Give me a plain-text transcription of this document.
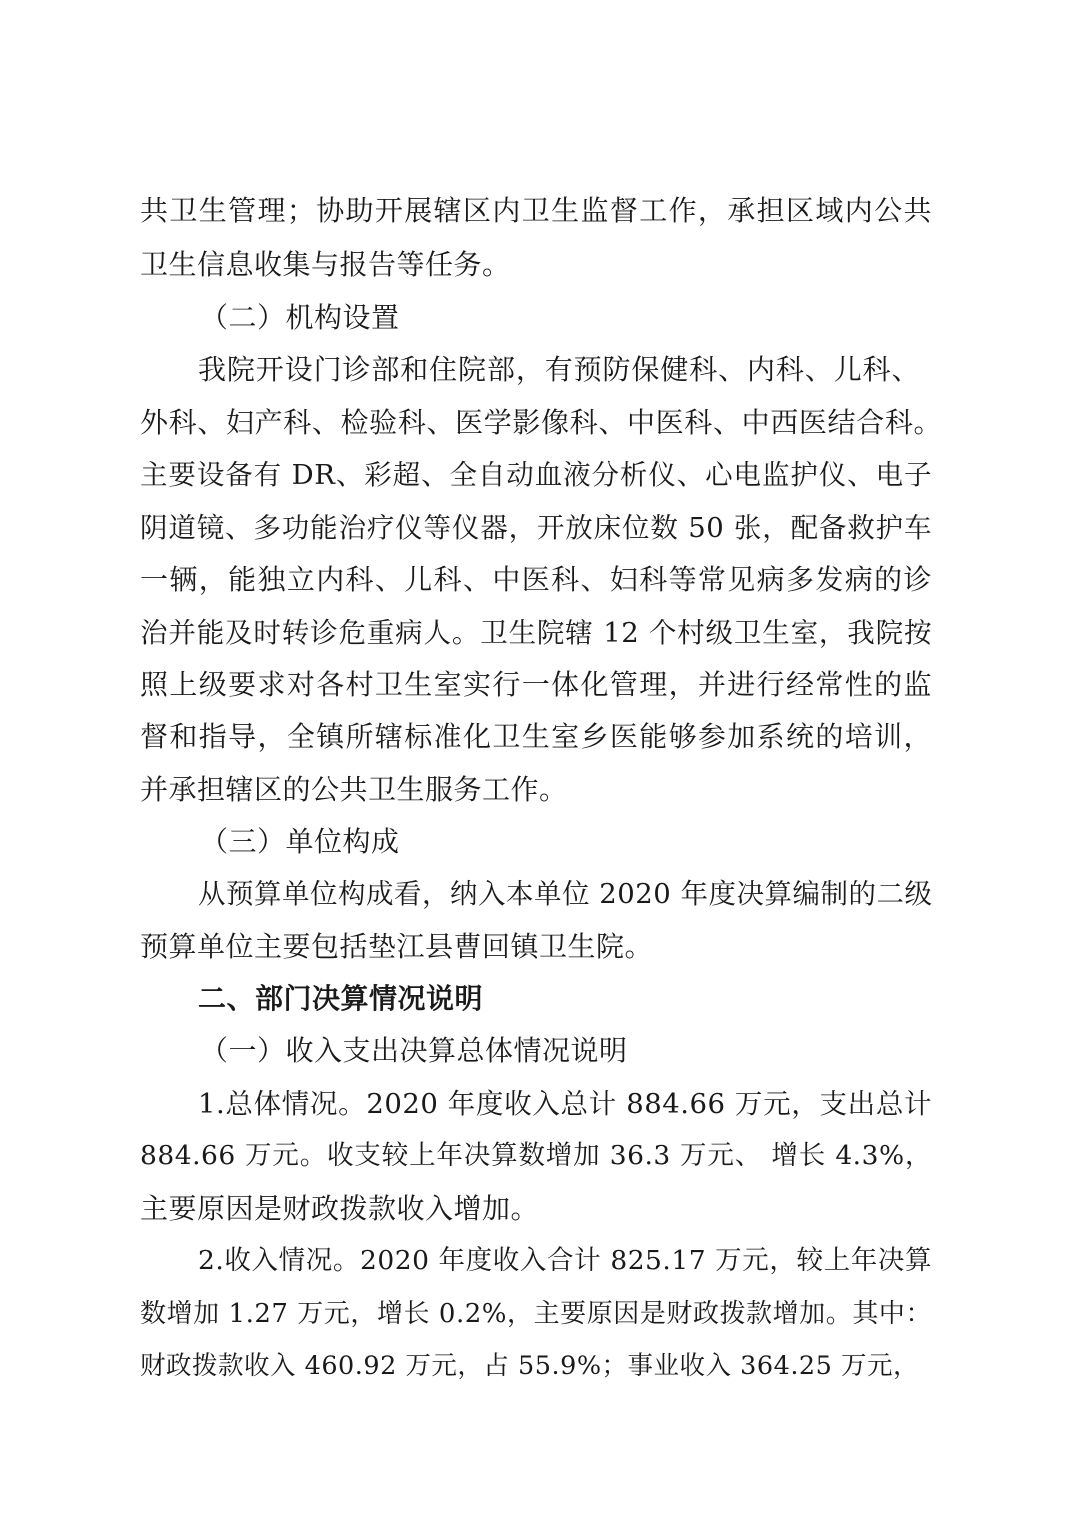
共卫生管理；协助开展辖区内卫生监督工作，承担区域内公共
卫生信息收集与报告等任务。
（二）机构设置
我院开设门诊部和住院部，有预防保健科、内科、儿科、
外科、妇产科、检验科、医学影像科、中医科、中西医结合科。
主要设备有 DR、彩超、全自动血液分析仪、心电监护仪、电子
阴道镜、多功能治疗仪等仪器，开放床位数 50 张，配备救护车
一辆，能独立内科、儿科、中医科、妇科等常见病多发病的诊
治并能及时转诊危重病人。卫生院辖 12 个村级卫生室，我院按
照上级要求对各村卫生室实行一体化管理，并进行经常性的监
督和指导，全镇所辖标准化卫生室乡医能够参加系统的培训，
并承担辖区的公共卫生服务工作。
（三）单位构成
从预算单位构成看，纳入本单位 2020 年度决算编制的二级
预算单位主要包括垫江县曹回镇卫生院。
二、部门决算情况说明
（一）收入支出决算总体情况说明
1.总体情况。2020 年度收入总计 884.66 万元，支出总计
884.66 万元。收支较上年决算数增加 36.3 万元、 增长 4.3%，
主要原因是财政拨款收入增加。
2.收入情况。2020 年度收入合计 825.17 万元，较上年决算
数增加 1.27 万元，增长 0.2%，主要原因是财政拨款增加。其中：
财政拨款收入 460.92 万元，占 55.9%；事业收入 364.25 万元，
